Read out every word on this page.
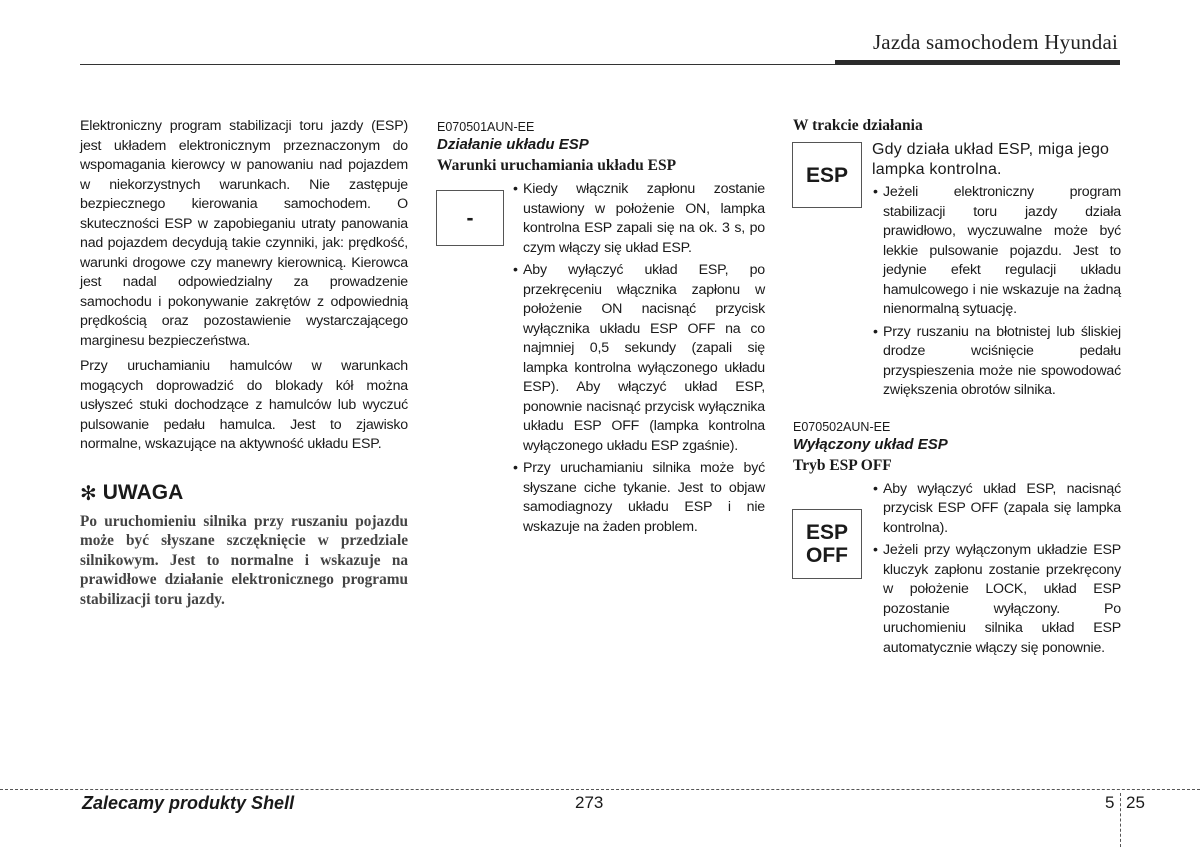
Jazda samochodem Hyundai

Elektroniczny program stabilizacji toru jazdy (ESP) jest układem elektronicznym przeznaczonym do wspomagania kierowcy w panowaniu nad pojazdem w niekorzystnych warunkach. Nie zastępuje bezpiecznego kierowania samochodem. O skuteczności ESP w zapobieganiu utraty panowania nad pojazdem decydują takie czynniki, jak: prędkość, warunki drogowe czy manewry kierownicą. Kierowca jest nadal odpowiedzialny za prowadzenie samochodu i pokonywanie zakrętów z odpowiednią prędkością oraz pozostawienie wystarczającego marginesu bezpieczeństwa.

Przy uruchamianiu hamulców w warunkach mogących doprowadzić do blokady kół można usłyszeć stuki dochodzące z hamulców lub wyczuć pulsowanie pedału hamulca. Jest to zjawisko normalne, wskazujące na aktywność układu ESP.

✻ UWAGA

Po uruchomieniu silnika przy ruszaniu pojazdu może być słyszane szczęknięcie w przedziale silnikowym. Jest to normalne i wskazuje na prawidłowe działanie elektronicznego programu stabilizacji toru jazdy.

E070501AUN-EE
Działanie układu ESP
Warunki uruchamiania układu ESP
• Kiedy włącznik zapłonu zostanie ustawiony w położenie ON, lampka kontrolna ESP zapali się na ok. 3 s, po czym włączy się układ ESP.
• Aby wyłączyć układ ESP, po przekręceniu włącznika zapłonu w położenie ON nacisnąć przycisk wyłącznika układu ESP OFF na co najmniej 0,5 sekundy (zapali się lampka kontrolna wyłączonego układu ESP). Aby włączyć układ ESP, ponownie nacisnąć przycisk wyłącznika układu ESP OFF (lampka kontrolna wyłączonego układu ESP zgaśnie).
• Przy uruchamianiu silnika może być słyszane ciche tykanie. Jest to objaw samodiagnozy układu ESP i nie wskazuje na żaden problem.
-
W trakcie działania

Gdy działa układ ESP, miga jego lampka kontrolna.

• Jeżeli elektroniczny program stabilizacji toru jazdy działa prawidłowo, wyczuwalne może być lekkie pulsowanie pojazdu. Jest to jedynie efekt regulacji układu hamulcowego i nie wskazuje na żadną nienormalną sytuację.
• Przy ruszaniu na błotnistej lub śliskiej drodze wciśnięcie pedału przyspieszenia może nie spowodować zwiększenia obrotów silnika.
E070502AUN-EE
Wyłączony układ ESP
Tryb ESP OFF
• Aby wyłączyć układ ESP, nacisnąć przycisk ESP OFF (zapala się lampka kontrolna).
• Jeżeli przy wyłączonym układzie ESP kluczyk zapłonu zostanie przekręcony w położenie LOCK, układ ESP pozostanie wyłączony. Po uruchomieniu silnika układ ESP automatycznie włączy się ponownie.
ESP
ESP
OFF
Zalecamy produkty Shell	273	5 25
